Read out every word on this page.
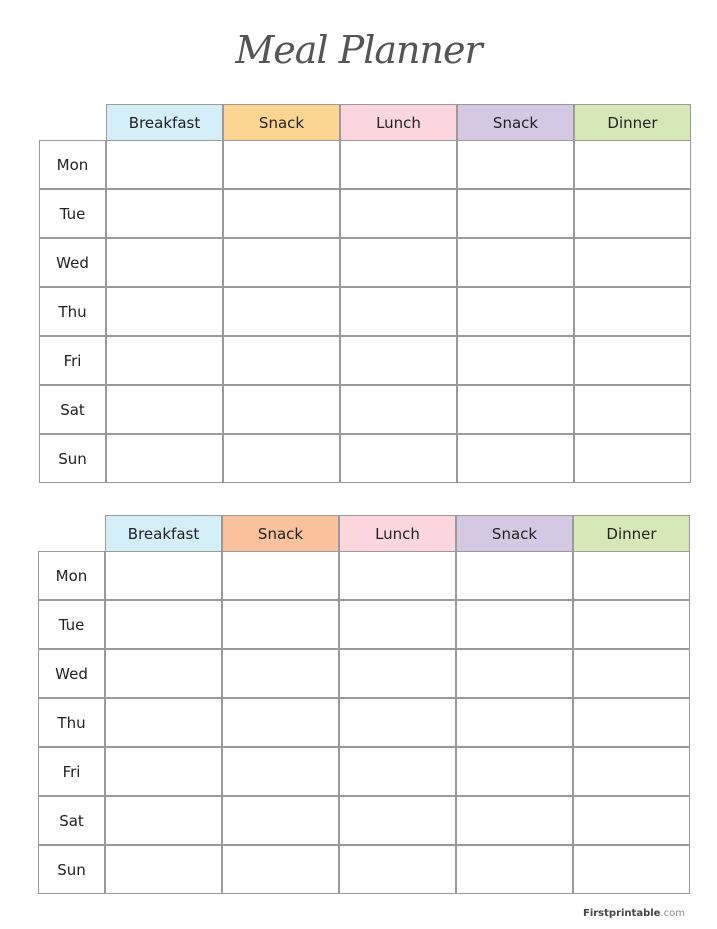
Meal Planner
Breakfast	Snack	Lunch	Snack	Dinner
Mon
Tue
Wed
Thu
Fri
Sat
Sun
Breakfast	Snack	Lunch	Snack	Dinner
Mon
Tue
Wed
Thu
Fri
Sat
Sun
Firstprintable.com
